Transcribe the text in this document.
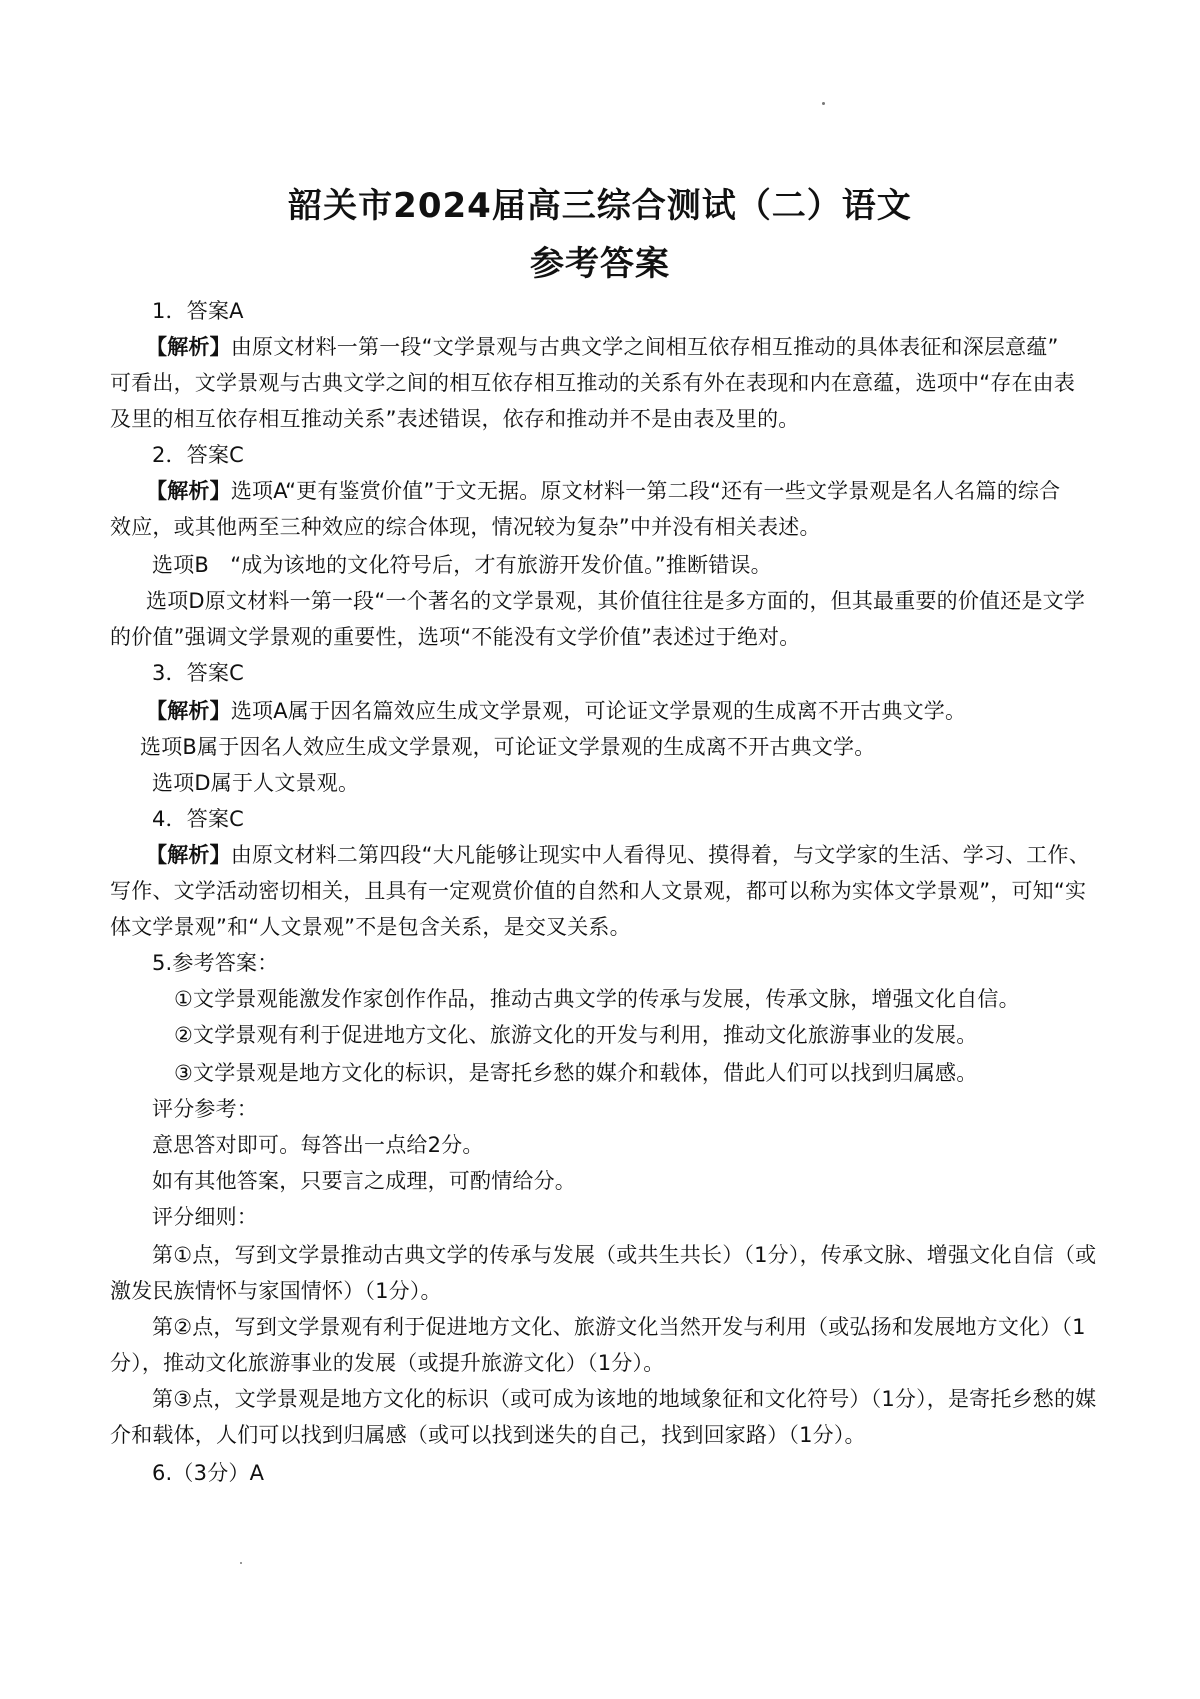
韶关市2024届高三综合测试（二）语文
参考答案
1．答案A
【解析】由原文材料一第一段“文学景观与古典文学之间相互依存相互推动的具体表征和深层意蕴”
可看出，文学景观与古典文学之间的相互依存相互推动的关系有外在表现和内在意蕴，选项中“存在由表
及里的相互依存相互推动关系”表述错误，依存和推动并不是由表及里的。
2．答案C
【解析】选项A“更有鉴赏价值”于文无据。原文材料一第二段“还有一些文学景观是名人名篇的综合
效应，或其他两至三种效应的综合体现，情况较为复杂”中并没有相关表述。
选项B　“成为该地的文化符号后，才有旅游开发价值。”推断错误。
选项D原文材料一第一段“一个著名的文学景观，其价值往往是多方面的，但其最重要的价值还是文学
的价值”强调文学景观的重要性，选项“不能没有文学价值”表述过于绝对。
3．答案C
【解析】选项A属于因名篇效应生成文学景观，可论证文学景观的生成离不开古典文学。
选项B属于因名人效应生成文学景观，可论证文学景观的生成离不开古典文学。
选项D属于人文景观。
4．答案C
【解析】由原文材料二第四段“大凡能够让现实中人看得见、摸得着，与文学家的生活、学习、工作、
写作、文学活动密切相关，且具有一定观赏价值的自然和人文景观，都可以称为实体文学景观”，可知“实
体文学景观”和“人文景观”不是包含关系，是交叉关系。
5.参考答案：
①文学景观能激发作家创作作品，推动古典文学的传承与发展，传承文脉，增强文化自信。
②文学景观有利于促进地方文化、旅游文化的开发与利用，推动文化旅游事业的发展。
③文学景观是地方文化的标识，是寄托乡愁的媒介和载体，借此人们可以找到归属感。
评分参考：
意思答对即可。每答出一点给2分。
如有其他答案，只要言之成理，可酌情给分。
评分细则：
第①点，写到文学景推动古典文学的传承与发展（或共生共长）（1分），传承文脉、增强文化自信（或
激发民族情怀与家国情怀）（1分）。
第②点，写到文学景观有利于促进地方文化、旅游文化当然开发与利用（或弘扬和发展地方文化）（1
分），推动文化旅游事业的发展（或提升旅游文化）（1分）。
第③点，文学景观是地方文化的标识（或可成为该地的地域象征和文化符号）（1分），是寄托乡愁的媒
介和载体，人们可以找到归属感（或可以找到迷失的自己，找到回家路）（1分）。
6.（3分）A
